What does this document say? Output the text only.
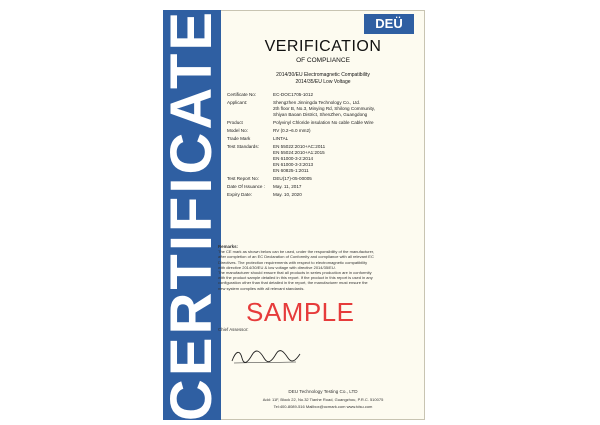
CERTIFICATE	DEÜ
VERIFICATION
OF COMPLIANCE
2014/30/EU Electromagnetic Compatibility
2014/35/EU Low Voltage
Certificate No:	EC-DOC1705-1012
Applicant:	Shengzhen Jinningda Technology Co., Ltd.
2th floor B, No.3, Minying Rd, Shilong Community,
Shiyan Baoan District, ShenZhen, Guangdong
Product	Polyvinyl Chloride insulation No cable Cable Wire
Model No:	RV (0.2~6.0 mm2)
Trade Mark	LINTAL
Test Standards:	EN 55022:2010+AC:2011
EN 55024:2010+A1:2015
EN 61000-3-2:2014
EN 61000-3-3:2013
EN 60825-1:2011
Test Report No:	DEU(17)-05-00005
Date Of Issuance :	May. 11, 2017
Expiry Date:	May. 10, 2020
Remarks:
The CE mark as shown below can be used, under the responsibility of the manufacturer,
after completion of an EC Declaration of Conformity and compliance with all relevant EC
Directives. The protection requirements with respect to electromagnetic compatibility
with directive 2014/30/EU & low voltage with directive 2014/35/EU.
The manufacturer should ensure that all products in series production are in conformity
with the product sample detailed in this report. If the product in this report is used in any
configuration other than that detailed in the report, the manufacturer must ensure the
new system complies with all relevant standards.
SAMPLE
Chief Assessor:
DEU Technology Testing Co., LTD
Add: 11F, Block 22, No.32 Tianhe Road, Guangzhou, P.R.C. 510075
Tel:400-8089-516 Mailbox@ocmark.com www.tdsu.com
